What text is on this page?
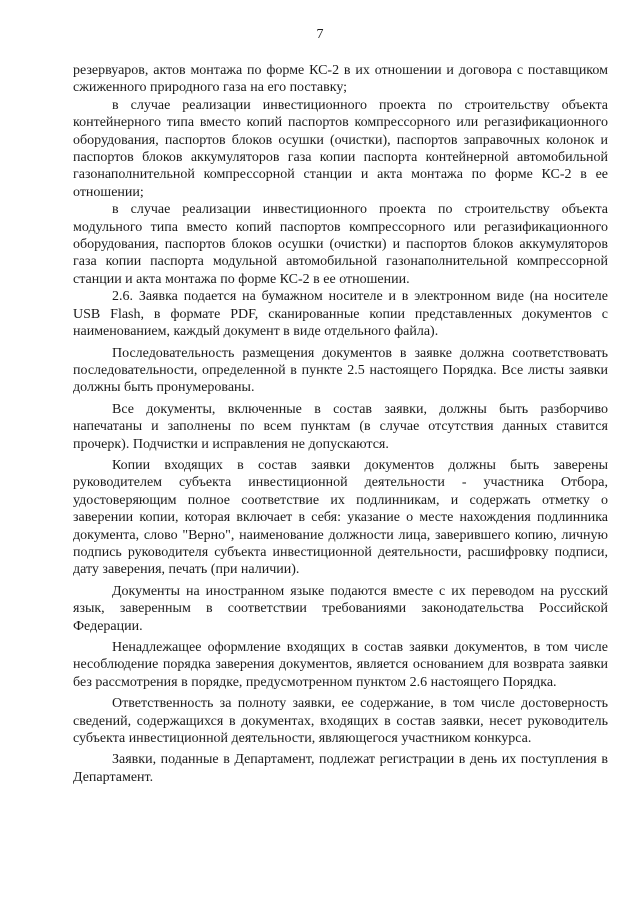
7

резервуаров, актов монтажа по форме КС-2 в их отношении и договора с поставщиком сжиженного природного газа на его поставку;

в случае реализации инвестиционного проекта по строительству объекта контейнерного типа вместо копий паспортов компрессорного или регазификационного оборудования, паспортов блоков осушки (очистки), паспортов заправочных колонок и паспортов блоков аккумуляторов газа копии паспорта контейнерной автомобильной газонаполнительной компрессорной станции и акта монтажа по форме КС-2 в ее отношении;

в случае реализации инвестиционного проекта по строительству объекта модульного типа вместо копий паспортов компрессорного или регазификационного оборудования, паспортов блоков осушки (очистки) и паспортов блоков аккумуляторов газа копии паспорта модульной автомобильной газонаполнительной компрессорной станции и акта монтажа по форме КС-2 в ее отношении.

2.6. Заявка подается на бумажном носителе и в электронном виде (на носителе USB Flash, в формате PDF, сканированные копии представленных документов с наименованием, каждый документ в виде отдельного файла).

Последовательность размещения документов в заявке должна соответствовать последовательности, определенной в пункте 2.5 настоящего Порядка. Все листы заявки должны быть пронумерованы.

Все документы, включенные в состав заявки, должны быть разборчиво напечатаны и заполнены по всем пунктам (в случае отсутствия данных ставится прочерк). Подчистки и исправления не допускаются.

Копии входящих в состав заявки документов должны быть заверены руководителем субъекта инвестиционной деятельности - участника Отбора, удостоверяющим полное соответствие их подлинникам, и содержать отметку о заверении копии, которая включает в себя: указание о месте нахождения подлинника документа, слово "Верно", наименование должности лица, заверившего копию, личную подпись руководителя субъекта инвестиционной деятельности, расшифровку подписи, дату заверения, печать (при наличии).

Документы на иностранном языке подаются вместе с их переводом на русский язык, заверенным в соответствии требованиями законодательства Российской Федерации.

Ненадлежащее оформление входящих в состав заявки документов, в том числе несоблюдение порядка заверения документов, является основанием для возврата заявки без рассмотрения в порядке, предусмотренном пунктом 2.6 настоящего Порядка.

Ответственность за полноту заявки, ее содержание, в том числе достоверность сведений, содержащихся в документах, входящих в состав заявки, несет руководитель субъекта инвестиционной деятельности, являющегося участником конкурса.

Заявки, поданные в Департамент, подлежат регистрации в день их поступления в Департамент.
